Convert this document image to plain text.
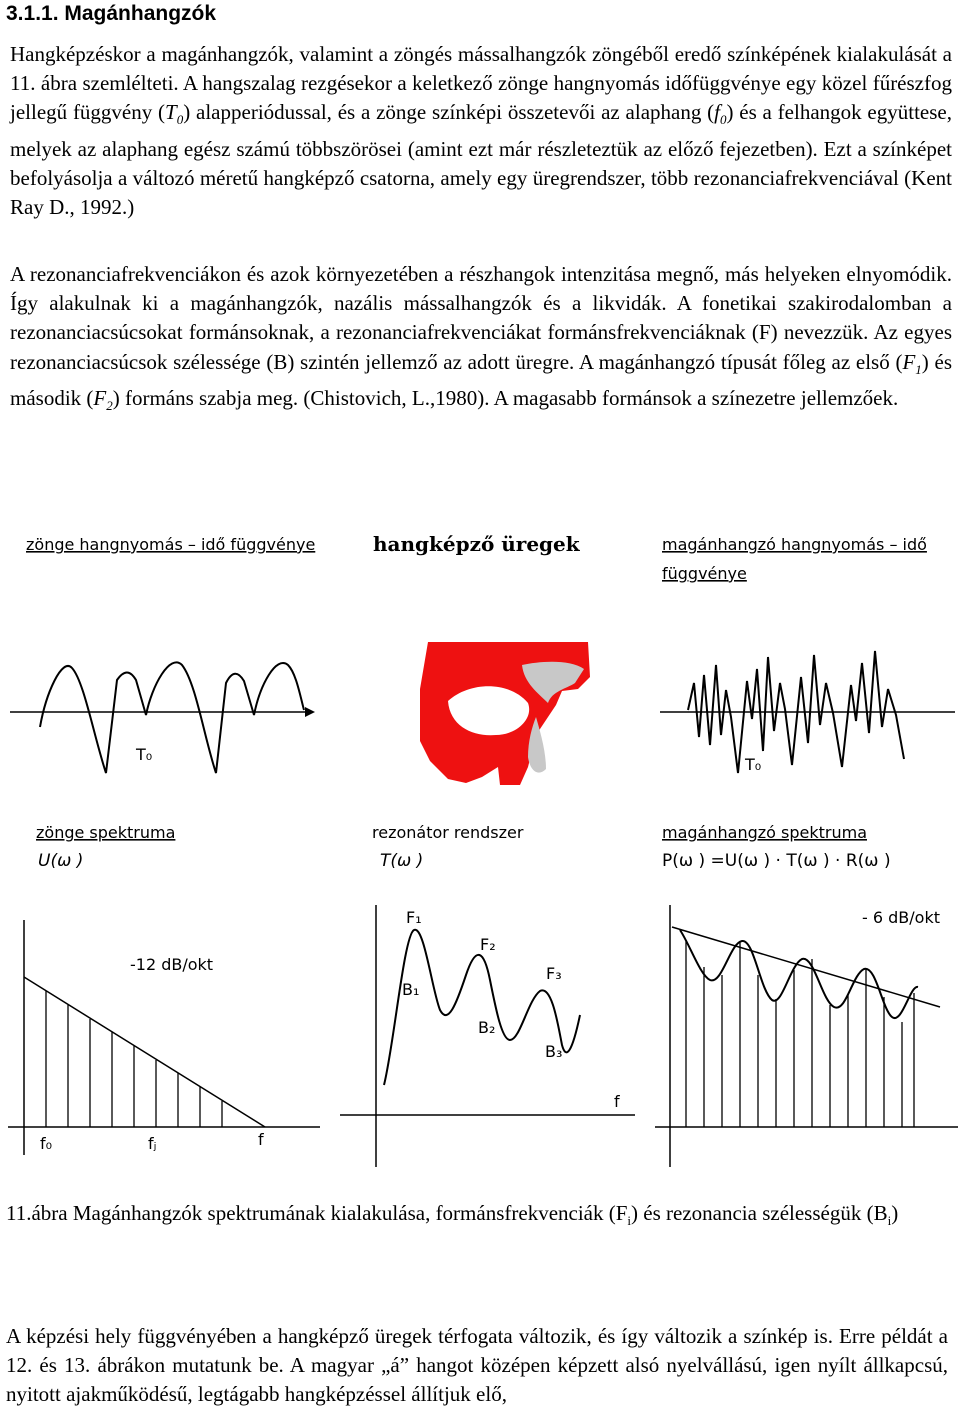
3.1.1. Magánhangzók

Hangképzéskor a magánhangzók, valamint a zöngés mássalhangzók zöngéből eredő színképének kialakulását a 11. ábra szemlélteti. A hangszalag rezgésekor a keletkező zönge hangnyomás időfüggvénye egy közel fűrészfog jellegű függvény $(T_0)$ alapperiódussal, és a zönge színképi összetevői az alaphang $(f_0)$ és a felhangok együttese, melyek az alaphang egész számú többszörösei (amint ezt már részleteztük az előző fejezetben). Ezt a színképet befolyásolja a változó méretű hangképző csatorna, amely egy üregrendszer, több rezonanciafrekvenciával (Kent Ray D., 1992.)

A rezonanciafrekvenciákon és azok környezetében a részhangok intenzitása megnő, más helyeken elnyomódik. Így alakulnak ki a magánhangzók, nazális mássalhangzók és a likvidák. A fonetikai szakirodalomban a rezonanciacsúcsokat formánsoknak, a rezonanciafrekvenciákat formánsfrekvenciáknak (F) nevezzük. Az egyes rezonanciacsúcsok szélessége (B) szintén jellemző az adott üregre. A magánhangzó típusát főleg az első $(F_1)$ és második $(F_2)$ formáns szabja meg. (Chistovich, L.,1980). A magasabb formánsok a színezetre jellemzőek.

zönge hangnyomás – idő függvénye	hangképző üregek	magánhangzó hangnyomás – idő
függvénye
T₀
T₀
zönge spektruma
U(ω )
rezonátor rendszer
T(ω )
magánhangzó spektruma
P(ω ) =U(ω ) · T(ω ) · R(ω )
-12 dB/okt
f₀	fⱼ	f
F₁
F₂
F₃
B₁
B₂
B₃
f
- 6 dB/okt

11.ábra Magánhangzók spektrumának kialakulása, formánsfrekvenciák $(F_i)$ és rezonancia szélességük $(B_i)$

A képzési hely függvényében a hangképző üregek térfogata változik, és így változik a színkép is. Erre példát a 12. és 13. ábrákon mutatunk be. A magyar „á” hangot középen képzett alsó nyelvállású, igen nyílt állkapcsú, nyitott ajakműködésű, legtágabb hangképzéssel állítjuk elő,
